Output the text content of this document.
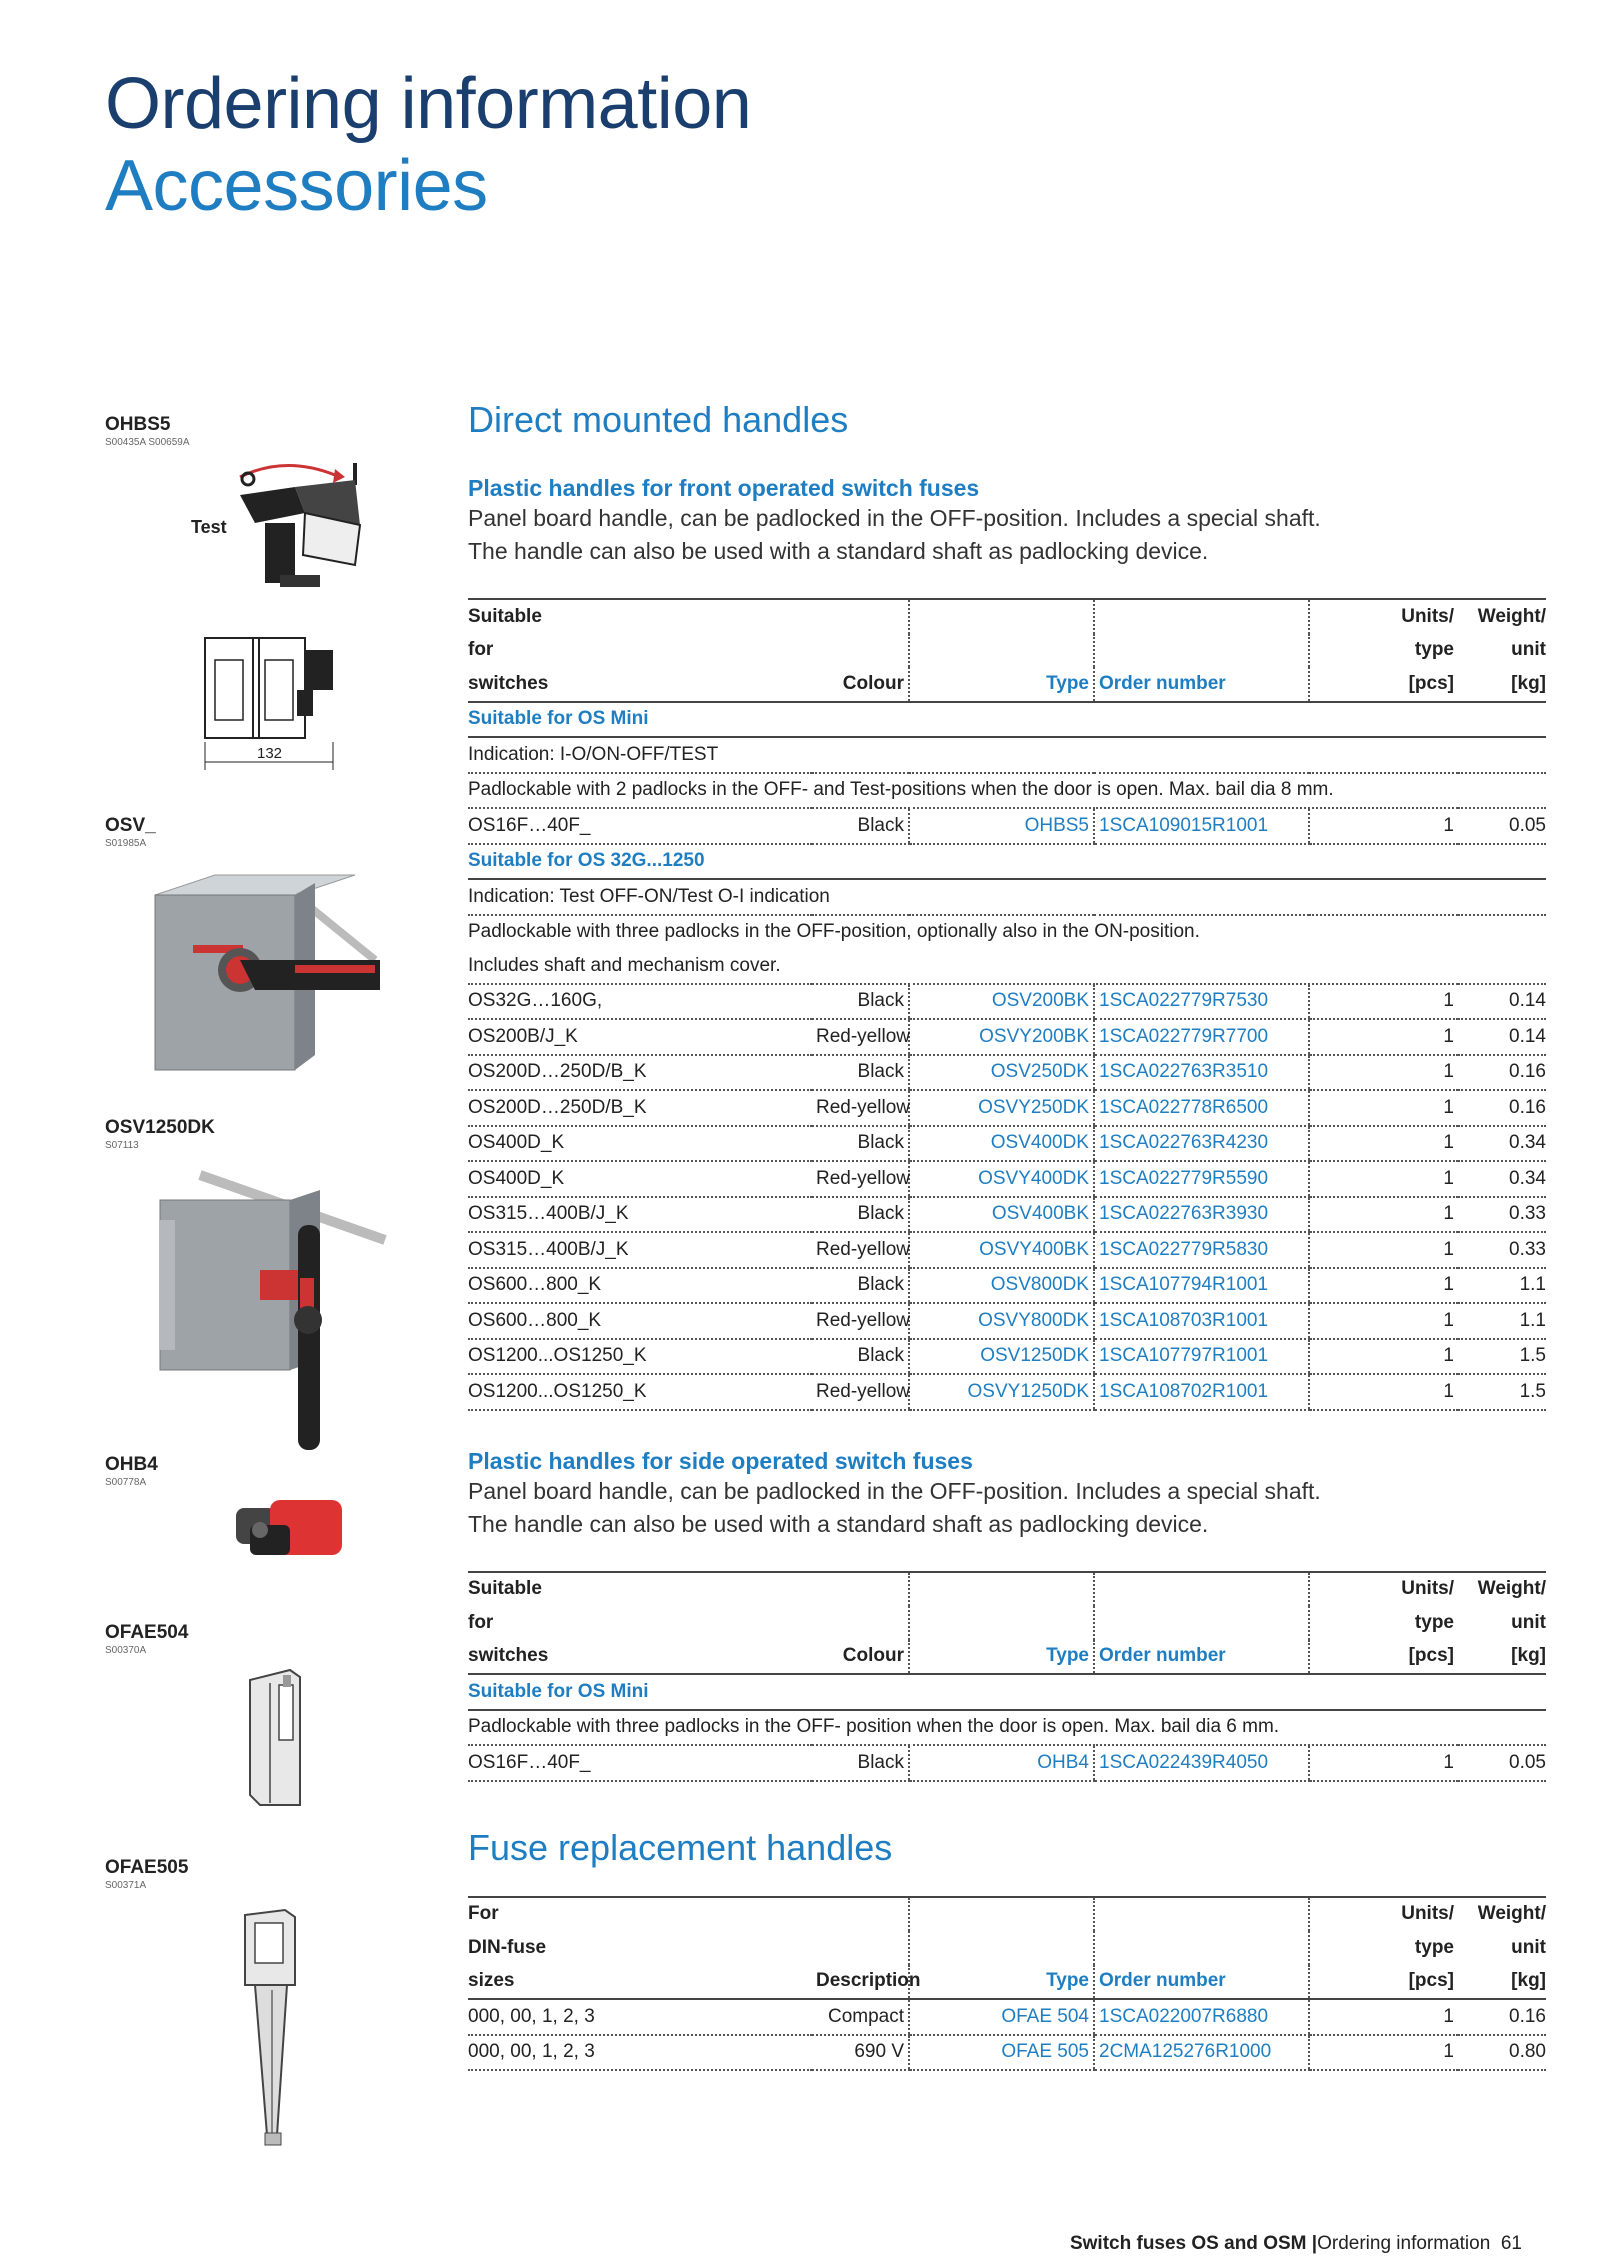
Ordering information
Accessories
OHBS5
S00435A S00659A
Test
132
OSV_
S01985A
OSV1250DK
S07113
OHB4
S00778A
OFAE504
S00370A
OFAE505
S00371A
Direct mounted handles
Plastic handles for front operated switch fuses
Panel board handle, can be padlocked in the OFF-position. Includes a special shaft.
The handle can also be used with a standard shaft as padlocking device.
Suitable				Units/	Weight/
for				type	unit
switches	Colour	Type	Order number	[pcs]	[kg]
Suitable for OS Mini					
Indication: I-O/ON-OFF/TEST					
Padlockable with 2 padlocks in the OFF- and Test-positions when the door is open. Max. bail dia 8 mm.					
OS16F…40F_	Black	OHBS5	1SCA109015R1001	1	0.05
Suitable for OS 32G...1250					
Indication: Test OFF-ON/Test O-I indication					
Padlockable with three padlocks in the OFF-position, optionally also in the ON-position.					
Includes shaft and mechanism cover.					
OS32G…160G,	Black	OSV200BK	1SCA022779R7530	1	0.14
OS200B/J_K	Red-yellow	OSVY200BK	1SCA022779R7700	1	0.14
OS200D…250D/B_K	Black	OSV250DK	1SCA022763R3510	1	0.16
OS200D…250D/B_K	Red-yellow	OSVY250DK	1SCA022778R6500	1	0.16
OS400D_K	Black	OSV400DK	1SCA022763R4230	1	0.34
OS400D_K	Red-yellow	OSVY400DK	1SCA022779R5590	1	0.34
OS315…400B/J_K	Black	OSV400BK	1SCA022763R3930	1	0.33
OS315…400B/J_K	Red-yellow	OSVY400BK	1SCA022779R5830	1	0.33
OS600…800_K	Black	OSV800DK	1SCA107794R1001	1	1.1
OS600…800_K	Red-yellow	OSVY800DK	1SCA108703R1001	1	1.1
OS1200...OS1250_K	Black	OSV1250DK	1SCA107797R1001	1	1.5
OS1200...OS1250_K	Red-yellow	OSVY1250DK	1SCA108702R1001	1	1.5
Plastic handles for side operated switch fuses
Panel board handle, can be padlocked in the OFF-position. Includes a special shaft.
The handle can also be used with a standard shaft as padlocking device.
Suitable				Units/	Weight/
for				type	unit
switches	Colour	Type	Order number	[pcs]	[kg]
Suitable for OS Mini					
Padlockable with three padlocks in the OFF- position when the door is open. Max. bail dia 6 mm.					
OS16F…40F_	Black	OHB4	1SCA022439R4050	1	0.05
Fuse replacement handles
For				Units/	Weight/
DIN-fuse				type	unit
sizes	Description	Type	Order number	[pcs]	[kg]
000, 00, 1, 2, 3	Compact	OFAE 504	1SCA022007R6880	1	0.16
000, 00, 1, 2, 3	690 V	OFAE 505	2CMA125276R1000	1	0.80
Switch fuses OS and OSM |Ordering information 61
